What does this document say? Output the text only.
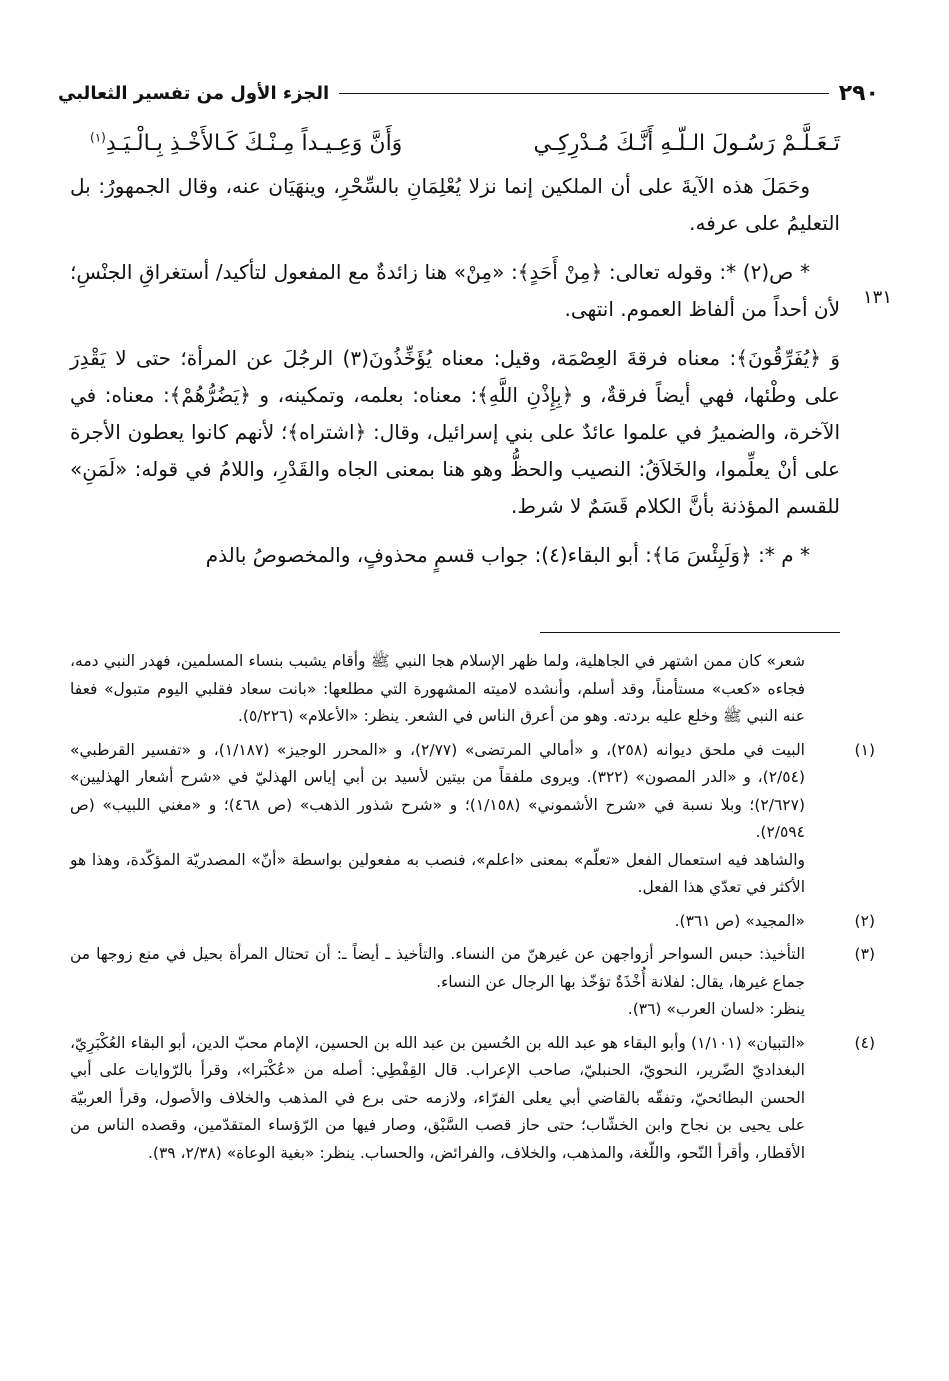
٢٩٠
الجزء الأول من تفسير الثعالبي
١٣١
تَـعَـلَّـمْ رَسُـولَ الـلّـهِ أَنَّـكَ مُـدْرِكِـي
وَأَنَّ وَعِـيـداً مِـنْـكَ كَـالأَخْـذِ بِـالْـيَـدِ$^{(١)}$

وحَمَلَ هذه الآيةَ على أن الملكين إنما نزلا يُعْلِمَانِ بالسِّحْرِ، وينهَيَان عنه، وقال الجمهورُ: بل التعليمُ على عرفه.

* ص(٢) *: وقوله تعالى: ﴿مِنْ أَحَدٍ﴾: «مِنْ» هنا زائدةٌ مع المفعول لتأكيد/ أستغراقِ الجنْسِ؛ لأن أحداً من ألفاظ العموم. انتهى.

وَ ﴿يُفَرِّقُونَ﴾: معناه فرقةَ العِصْمَة، وقيل: معناه يُؤَخِّذُونَ(٣) الرجُلَ عن المرأة؛ حتى لا يَقْدِرَ على وطْئها، فهي أيضاً فرقةٌ، و ﴿بِإِذْنِ اللَّهِ﴾: معناه: بعلمه، وتمكينه، و ﴿يَضُرُّهُمْ﴾: معناه: في الآخرة، والضميرُ في علموا عائدٌ على بني إسرائيل، وقال: ﴿اشتراه﴾؛ لأنهم كانوا يعطون الأجرة على أنْ يعلِّموا، والخَلاَقُ: النصيب والحظُّ وهو هنا بمعنى الجاه والقَدْرِ، واللامُ في قوله: «لَمَنِ» للقسم المؤذنة بأنَّ الكلام قَسَمٌ لا شرط.

* م *: ﴿وَلَبِئْسَ مَا﴾: أبو البقاء(٤): جواب قسمٍ محذوفٍ، والمخصوصُ بالذم

شعر» كان ممن اشتهر في الجاهلية، ولما ظهر الإسلام هجا النبي ﷺ وأقام يشبب بنساء المسلمين، فهدر النبي دمه، فجاءه «كعب» مستأمناً، وقد أسلم، وأنشده لاميته المشهورة التي مطلعها: «بانت سعاد فقلبي اليوم متبول» فعفا عنه النبي ﷺ وخلع عليه بردته. وهو من أعرق الناس في الشعر. ينظر: «الأعلام» (٥/٢٢٦).
(١)

البيت في ملحق ديوانه (٢٥٨)، و «أمالي المرتضى» (٢/٧٧)، و «المحرر الوجيز» (١/١٨٧)، و «تفسير القرطبي» (٢/٥٤)، و «الدر المصون» (٣٢٢). ويروى ملفقاً من بيتين لأسيد بن أبي إياس الهذليّ في «شرح أشعار الهذليين» (٢/٦٢٧)؛ وبلا نسبة في «شرح الأشموني» (١/١٥٨)؛ و «شرح شذور الذهب» (ص ٤٦٨)؛ و «مغني اللبيب» (ص ٢/٥٩٤).

والشاهد فيه استعمال الفعل «تعلّم» بمعنى «اعلم»، فنصب به مفعولين بواسطة «أنّ» المصدريّة المؤكّدة، وهذا هو الأكثر في تعدّي هذا الفعل.

(٢)

«المجيد» (ص ٣٦١).

(٣)

التأخيذ: حبس السواحر أزواجهن عن غيرهنّ من النساء. والتأخيذ ـ أيضاً ـ: أن تحتال المرأة بحيل في منع زوجها من جماع غيرها، يقال: لفلانة أُخْذَةٌ تؤخّذ بها الرجال عن النساء.

ينظر: «لسان العرب» (٣٦).

(٤)

«التبيان» (١/١٠١) وأبو البقاء هو عبد الله بن الحُسين بن عبد الله بن الحسين، الإمام محبّ الدين، أبو البقاء العُكْبَرِيّ، البغداديّ الضّرير، النحويّ، الحنبليّ، صاحب الإعراب. قال القِفْطِي: أصله من «عُكْبَرا»، وقرأ بالرّوايات على أبي الحسن البطائحيّ، وتفقّه بالقاضي أبي يعلى الفرّاء، ولازمه حتى برع في المذهب والخلاف والأصول، وقرأ العربيّة على يحيى بن نجاح وابن الخشّاب؛ حتى حاز قصب السَّبْق، وصار فيها من الرّؤساء المتقدّمين، وقصده الناس من الأقطار، وأقرأ النّحو، واللّغة، والمذهب، والخلاف، والفرائض، والحساب. ينظر: «بغية الوعاة» (٢/٣٨، ٣٩).
